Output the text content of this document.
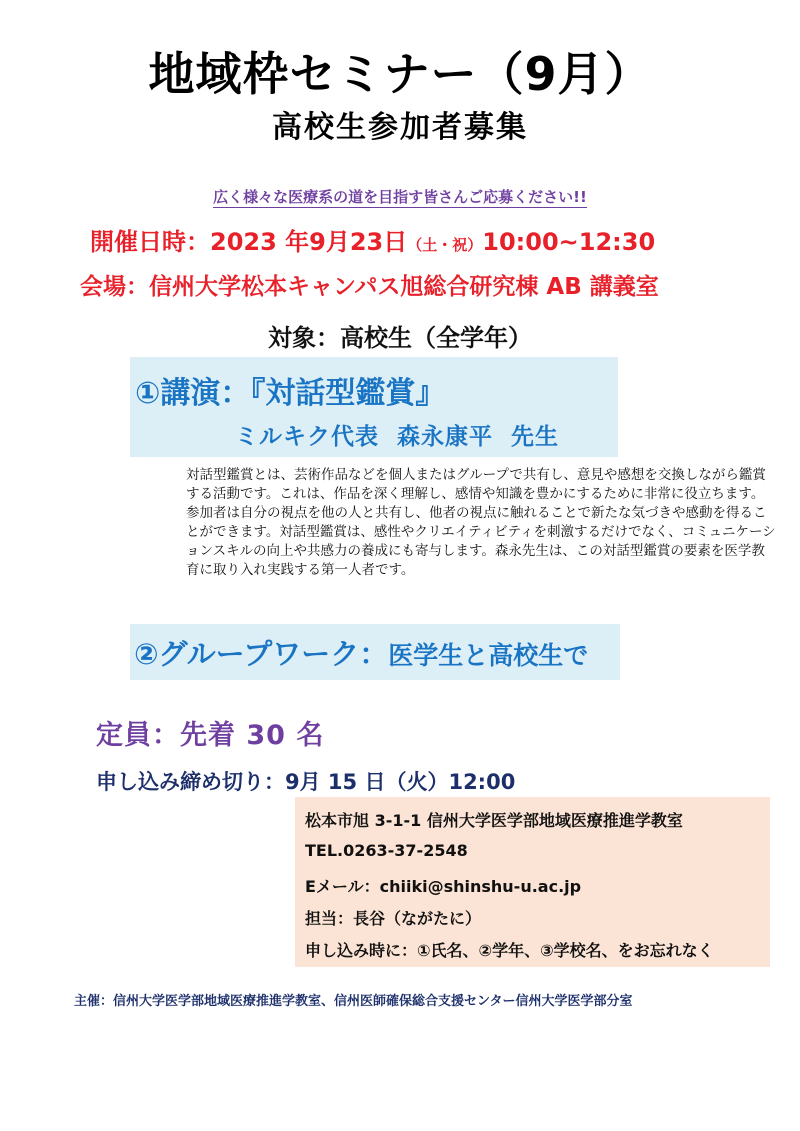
地域枠セミナー（9月）
高校生参加者募集
広く様々な医療系の道を目指す皆さんご応募ください!!
開催日時：2023 年9月23日（土・祝）10:00~12:30
会場：信州大学松本キャンパス旭総合研究棟 AB 講義室
対象：高校生（全学年）
①講演：『対話型鑑賞』
ミルキク代表 森永康平 先生
対話型鑑賞とは、芸術作品などを個人またはグループで共有し、意見や感想を交換しながら鑑賞する活動です。これは、作品を深く理解し、感情や知識を豊かにするために非常に役立ちます。参加者は自分の視点を他の人と共有し、他者の視点に触れることで新たな気づきや感動を得ることができます。対話型鑑賞は、感性やクリエイティビティを刺激するだけでなく、コミュニケーションスキルの向上や共感力の養成にも寄与します。森永先生は、この対話型鑑賞の要素を医学教育に取り入れ実践する第一人者です。
②グループワーク：医学生と高校生で
定員：先着 30 名
申し込み締め切り：9月 15 日（火）12:00
松本市旭 3-1-1 信州大学医学部地域医療推進学教室
TEL.0263-37-2548
Eメール：chiiki@shinshu-u.ac.jp
担当：長谷（ながたに）
申し込み時に：①氏名、②学年、③学校名、をお忘れなく
主催：信州大学医学部地域医療推進学教室、信州医師確保総合支援センター信州大学医学部分室
